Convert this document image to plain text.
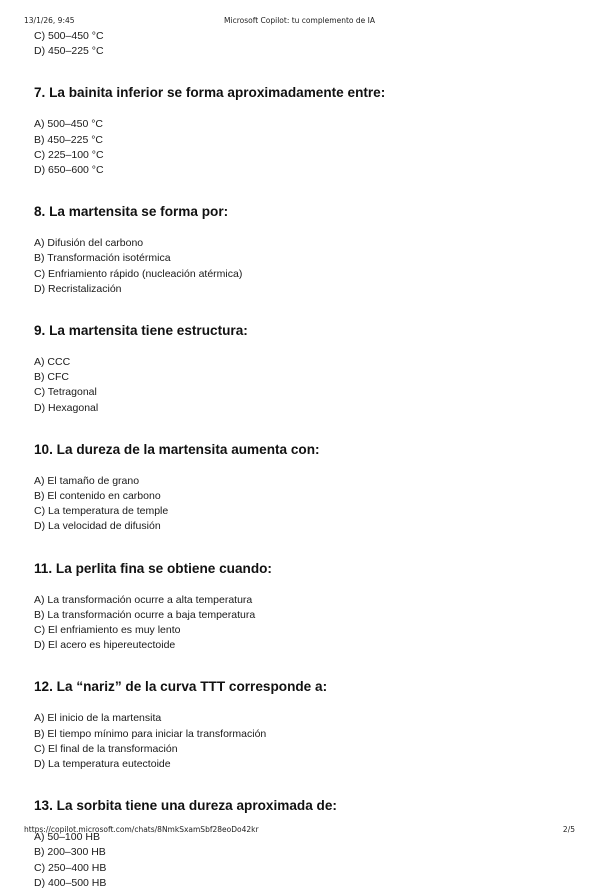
13/1/26, 9:45	Microsoft Copilot: tu complemento de IA
C) 500–450 °C
D) 450–225 °C
7. La bainita inferior se forma aproximadamente entre:
A) 500–450 °C
B) 450–225 °C
C) 225–100 °C
D) 650–600 °C
8. La martensita se forma por:
A) Difusión del carbono
B) Transformación isotérmica
C) Enfriamiento rápido (nucleación atérmica)
D) Recristalización
9. La martensita tiene estructura:
A) CCC
B) CFC
C) Tetragonal
D) Hexagonal
10. La dureza de la martensita aumenta con:
A) El tamaño de grano
B) El contenido en carbono
C) La temperatura de temple
D) La velocidad de difusión
11. La perlita fina se obtiene cuando:
A) La transformación ocurre a alta temperatura
B) La transformación ocurre a baja temperatura
C) El enfriamiento es muy lento
D) El acero es hipereutectoide
12. La “nariz” de la curva TTT corresponde a:
A) El inicio de la martensita
B) El tiempo mínimo para iniciar la transformación
C) El final de la transformación
D) La temperatura eutectoide
13. La sorbita tiene una dureza aproximada de:
A) 50–100 HB
B) 200–300 HB
C) 250–400 HB
D) 400–500 HB
https://copilot.microsoft.com/chats/8NmkSxamSbf28eoDo42kr	2/5
